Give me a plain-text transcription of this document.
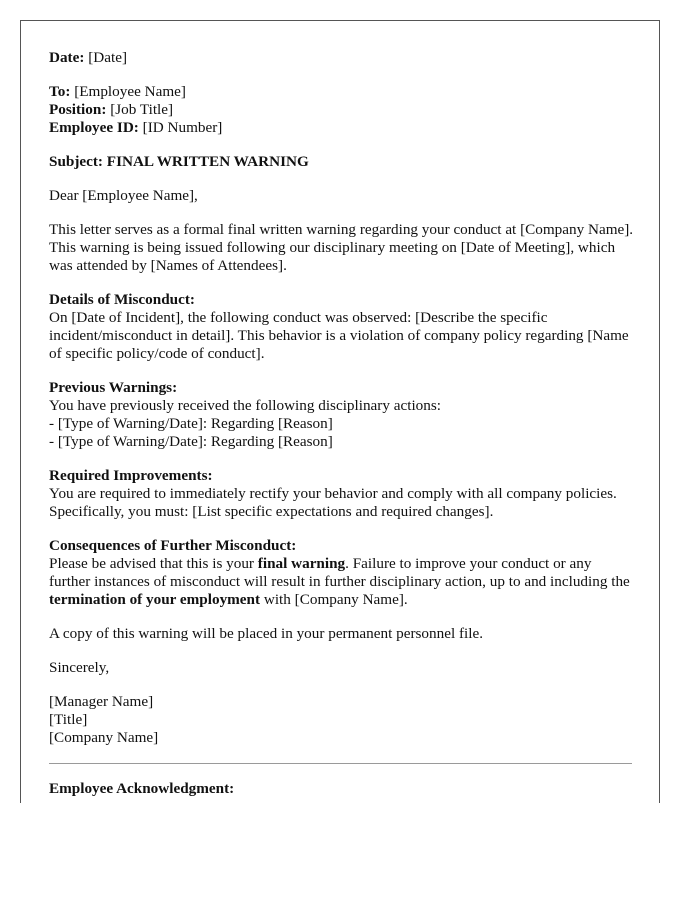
Date: [Date]

To: [Employee Name]
Position: [Job Title]
Employee ID: [ID Number]

Subject: FINAL WRITTEN WARNING

Dear [Employee Name],

This letter serves as a formal final written warning regarding your conduct at [Company Name]. This warning is being issued following our disciplinary meeting on [Date of Meeting], which was attended by [Names of Attendees].

Details of Misconduct:
On [Date of Incident], the following conduct was observed: [Describe the specific incident/misconduct in detail]. This behavior is a violation of company policy regarding [Name of specific policy/code of conduct].

Previous Warnings:
You have previously received the following disciplinary actions:
- [Type of Warning/Date]: Regarding [Reason]
- [Type of Warning/Date]: Regarding [Reason]

Required Improvements:
You are required to immediately rectify your behavior and comply with all company policies. Specifically, you must: [List specific expectations and required changes].

Consequences of Further Misconduct:
Please be advised that this is your final warning. Failure to improve your conduct or any further instances of misconduct will result in further disciplinary action, up to and including the termination of your employment with [Company Name].

A copy of this warning will be placed in your permanent personnel file.

Sincerely,

[Manager Name]
[Title]
[Company Name]

Employee Acknowledgment:
